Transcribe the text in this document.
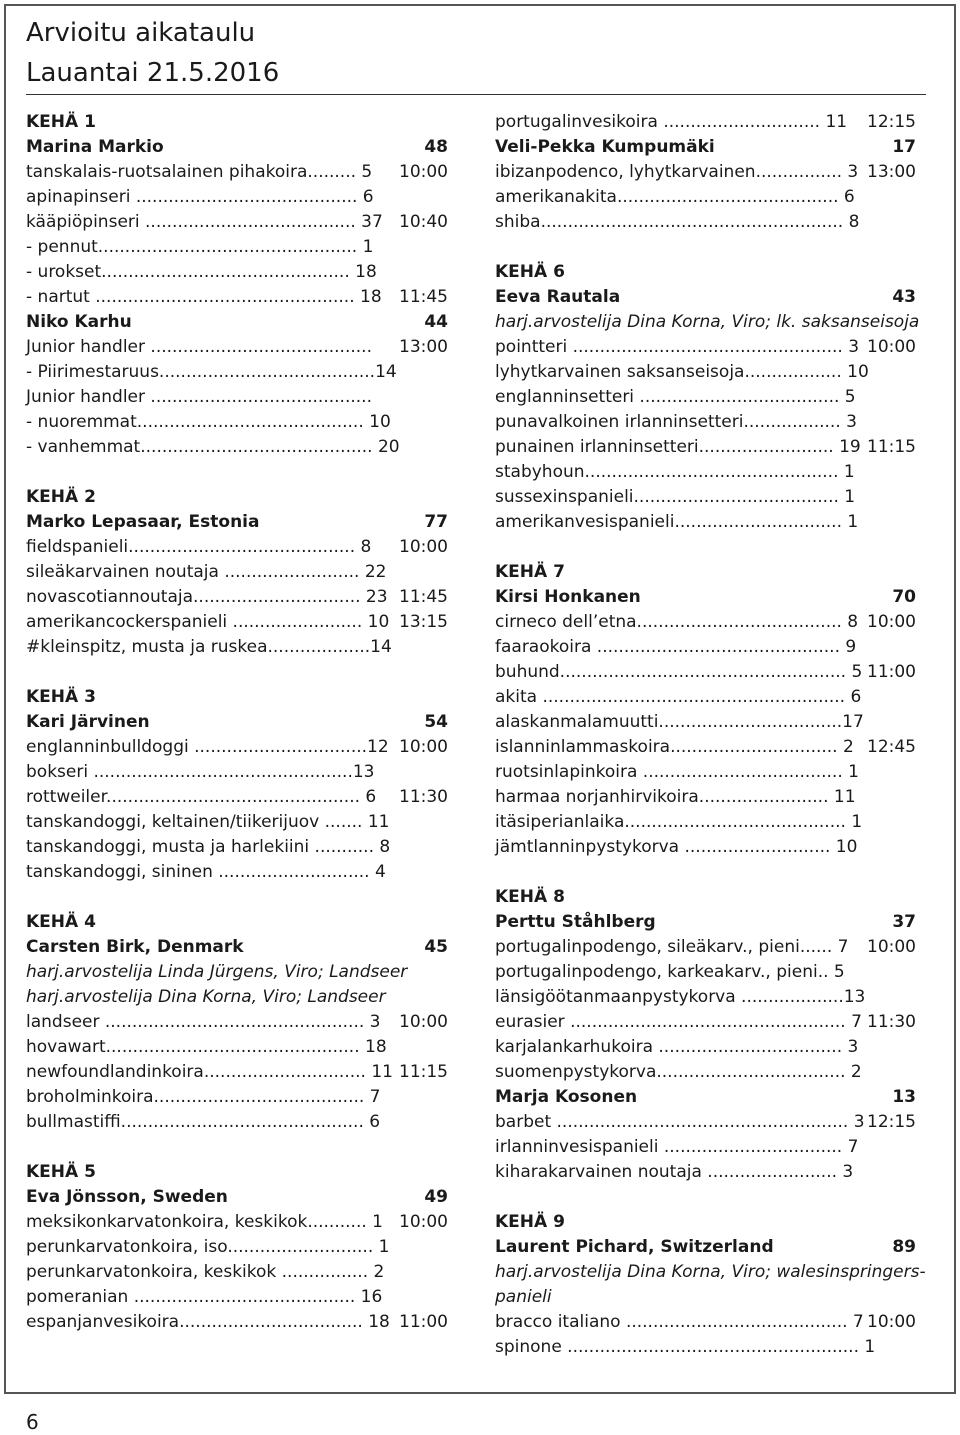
Arvioitu aikataulu
Lauantai 21.5.2016
KEHÄ 1
Marina Markio	48
tanskalais-ruotsalainen pihakoira......... 5 10:00
apinapinseri ......................................... 6
kääpiöpinseri ....................................... 37 10:40
- pennut................................................ 1
- urokset.............................................. 18
- nartut ................................................ 18 11:45
Niko Karhu	44
Junior handler ......................................... 13:00
- Piirimestaruus........................................14
Junior handler .........................................
- nuoremmat.......................................... 10
- vanhemmat........................................... 20
KEHÄ 2
Marko Lepasaar, Estonia	77
fieldspanieli.......................................... 8 10:00
sileäkarvainen noutaja ......................... 22
novascotiannoutaja............................... 23 11:45
amerikancockerspanieli ........................ 10 13:15
#kleinspitz, musta ja ruskea...................14
KEHÄ 3
Kari Järvinen	54
englanninbulldoggi ................................12 10:00
bokseri ................................................13
rottweiler............................................... 6 11:30
tanskandoggi, keltainen/tiikerijuov ....... 11
tanskandoggi, musta ja harlekiini ........... 8
tanskandoggi, sininen ............................ 4
KEHÄ 4
Carsten Birk, Denmark	45
harj.arvostelija Linda Jürgens, Viro; Landseer
harj.arvostelija Dina Korna, Viro; Landseer
landseer ................................................ 3 10:00
hovawart............................................... 18
newfoundlandinkoira.............................. 11 11:15
broholminkoira....................................... 7
bullmastiffi............................................. 6
KEHÄ 5
Eva Jönsson, Sweden	49
meksikonkarvatonkoira, keskikok........... 1 10:00
perunkarvatonkoira, iso........................... 1
perunkarvatonkoira, keskikok ................ 2
pomeranian ......................................... 16
espanjanvesikoira.................................. 18 11:00
portugalinvesikoira ............................. 11 12:15
Veli-Pekka Kumpumäki	17
ibizanpodenco, lyhytkarvainen................ 3 13:00
amerikanakita......................................... 6
shiba........................................................ 8
KEHÄ 6
Eeva Rautala	43
harj.arvostelija Dina Korna, Viro; lk. saksanseisoja
pointteri .................................................. 3 10:00
lyhytkarvainen saksanseisoja.................. 10
englanninsetteri ..................................... 5
punavalkoinen irlanninsetteri.................. 3
punainen irlanninsetteri......................... 19 11:15
stabyhoun............................................... 1
sussexinspanieli...................................... 1
amerikanvesispanieli............................... 1
KEHÄ 7
Kirsi Honkanen	70
cirneco dell’etna...................................... 8 10:00
faaraokoira ............................................. 9
buhund..................................................... 5 11:00
akita ........................................................ 6
alaskanmalamuutti..................................17
islanninlammaskoira............................... 2 12:45
ruotsinlapinkoira ..................................... 1
harmaa norjanhirvikoira........................ 11
itäsiperianlaika......................................... 1
jämtlanninpystykorva ........................... 10
KEHÄ 8
Perttu Ståhlberg	37
portugalinpodengo, sileäkarv., pieni...... 7 10:00
portugalinpodengo, karkeakarv., pieni.. 5
länsigöötanmaanpystykorva ...................13
eurasier ................................................... 7 11:30
karjalankarhukoira .................................. 3
suomenpystykorva................................... 2
Marja Kosonen	13
barbet ...................................................... 3 12:15
irlanninvesispanieli ................................. 7
kiharakarvainen noutaja ........................ 3
KEHÄ 9
Laurent Pichard, Switzerland	89
harj.arvostelija Dina Korna, Viro; walesinspringers-
panieli
bracco italiano ......................................... 7 10:00
spinone ...................................................... 1
6
